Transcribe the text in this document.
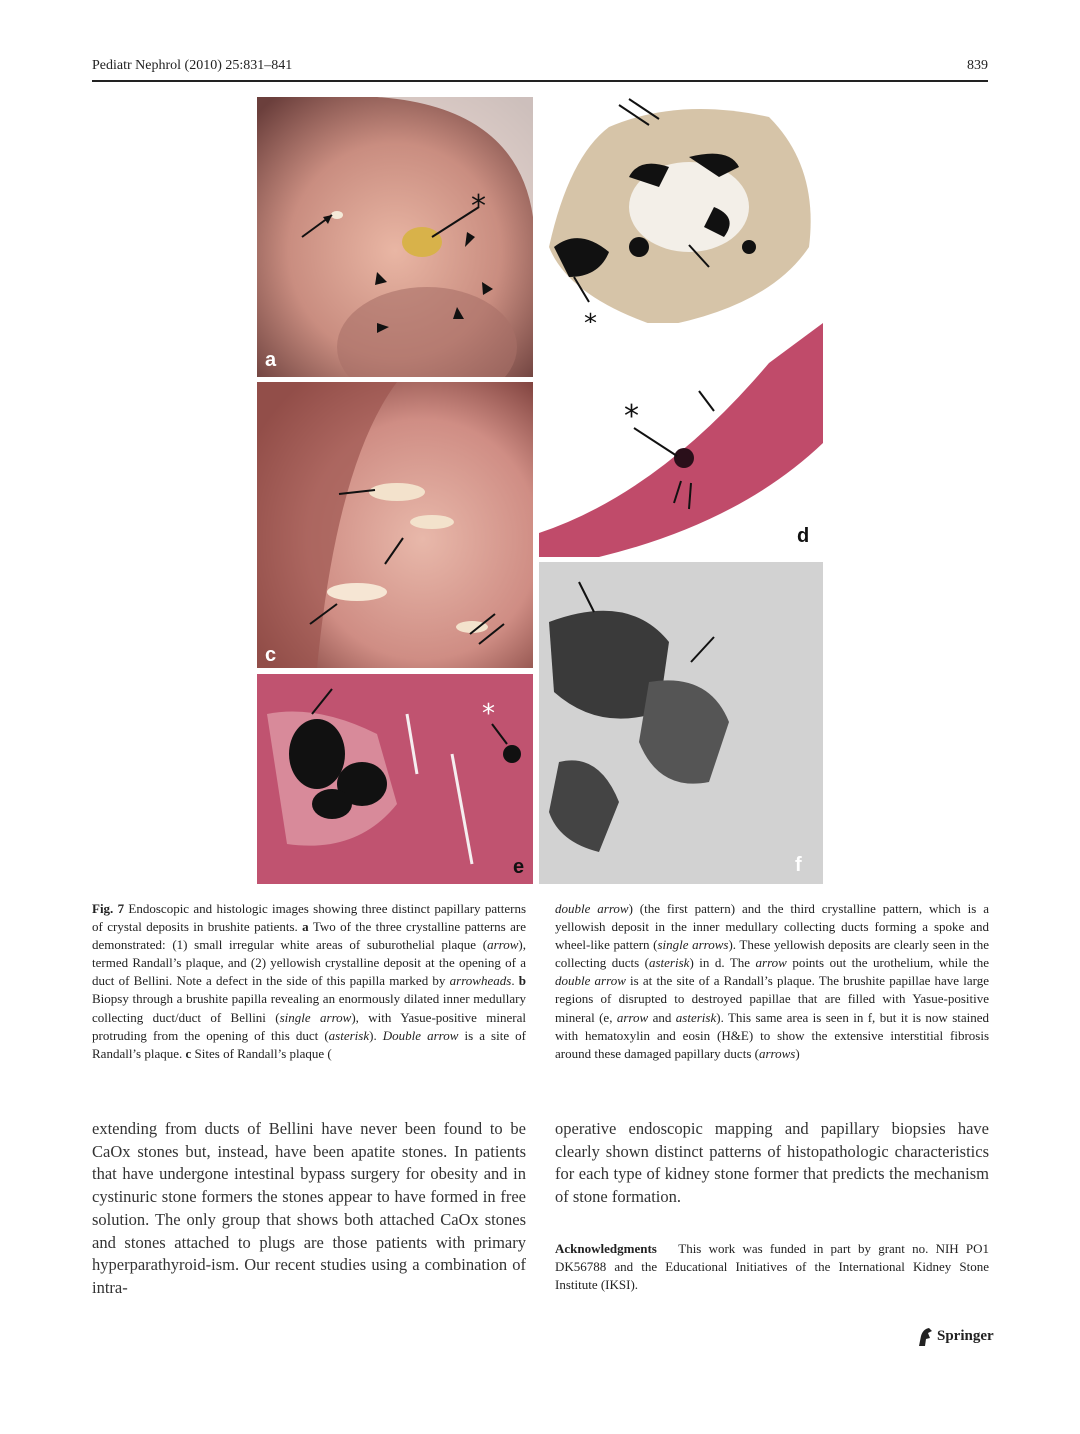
Pediatr Nephrol (2010) 25:831–841	839
*
a
c
*
d
*
e	f
Fig. 7 Endoscopic and histologic images showing three distinct papillary patterns of crystal deposits in brushite patients. a Two of the three crystalline patterns are demonstrated: (1) small irregular white areas of suburothelial plaque (arrow), termed Randall’s plaque, and (2) yellowish crystalline deposit at the opening of a duct of Bellini. Note a defect in the side of this papilla marked by arrowheads. b Biopsy through a brushite papilla revealing an enormously dilated inner medullary collecting duct/duct of Bellini (single arrow), with Yasue-positive mineral protruding from the opening of this duct (asterisk). Double arrow is a site of Randall’s plaque. c Sites of Randall’s plaque (
double arrow) (the first pattern) and the third crystalline pattern, which is a yellowish deposit in the inner medullary collecting ducts forming a spoke and wheel-like pattern (single arrows). These yellowish deposits are clearly seen in the collecting ducts (asterisk) in d. The arrow points out the urothelium, while the double arrow is at the site of a Randall’s plaque. The brushite papillae have large regions of disrupted to destroyed papillae that are filled with Yasue-positive mineral (e, arrow and asterisk). This same area is seen in f, but it is now stained with hematoxylin and eosin (H&E) to show the extensive interstitial fibrosis around these damaged papillary ducts (arrows)
extending from ducts of Bellini have never been found to be CaOx stones but, instead, have been apatite stones. In patients that have undergone intestinal bypass surgery for obesity and in cystinuric stone formers the stones appear to have formed in free solution. The only group that shows both attached CaOx stones and stones attached to plugs are those patients with primary hyperparathyroid-ism. Our recent studies using a combination of intra-
operative endoscopic mapping and papillary biopsies have clearly shown distinct patterns of histopathologic characteristics for each type of kidney stone former that predicts the mechanism of stone formation.
Acknowledgments This work was funded in part by grant no. NIH PO1 DK56788 and the Educational Initiatives of the International Kidney Stone Institute (IKSI).
Springer
